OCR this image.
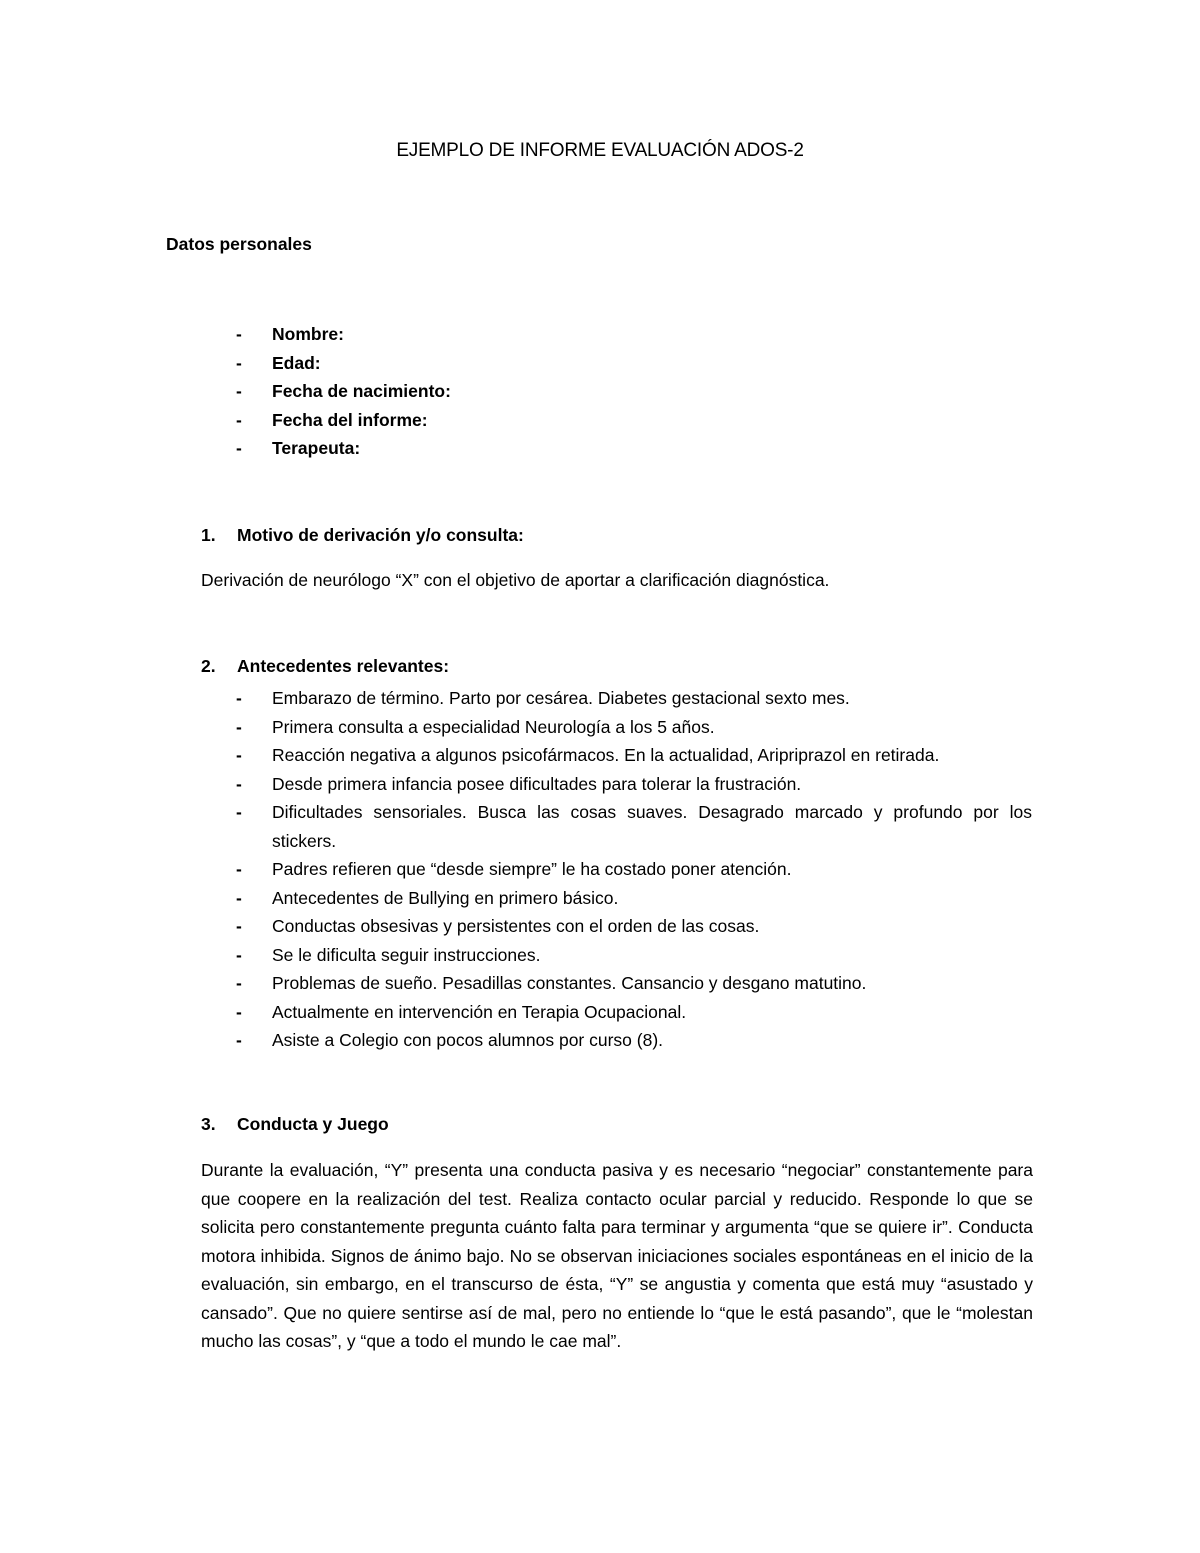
EJEMPLO DE INFORME EVALUACIÓN ADOS-2
Datos personales
- Nombre:
- Edad:
- Fecha de nacimiento:
- Fecha del informe:
- Terapeuta:
1. Motivo de derivación y/o consulta:
Derivación de neurólogo “X” con el objetivo de aportar a clarificación diagnóstica.
2. Antecedentes relevantes:
- Embarazo de término. Parto por cesárea. Diabetes gestacional sexto mes.
- Primera consulta a especialidad Neurología a los 5 años.
- Reacción negativa a algunos psicofármacos. En la actualidad, Aripriprazol en retirada.
- Desde primera infancia posee dificultades para tolerar la frustración.
- Dificultades sensoriales. Busca las cosas suaves. Desagrado marcado y profundo por los stickers.
- Padres refieren que “desde siempre” le ha costado poner atención.
- Antecedentes de Bullying en primero básico.
- Conductas obsesivas y persistentes con el orden de las cosas.
- Se le dificulta seguir instrucciones.
- Problemas de sueño. Pesadillas constantes. Cansancio y desgano matutino.
- Actualmente en intervención en Terapia Ocupacional.
- Asiste a Colegio con pocos alumnos por curso (8).
3. Conducta y Juego
Durante la evaluación, “Y” presenta una conducta pasiva y es necesario “negociar” constantemente para que coopere en la realización del test. Realiza contacto ocular parcial y reducido. Responde lo que se solicita pero constantemente pregunta cuánto falta para terminar y argumenta “que se quiere ir”. Conducta motora inhibida. Signos de ánimo bajo. No se observan iniciaciones sociales espontáneas en el inicio de la evaluación, sin embargo, en el transcurso de ésta, “Y” se angustia y comenta que está muy “asustado y cansado”. Que no quiere sentirse así de mal, pero no entiende lo “que le está pasando”, que le “molestan mucho las cosas”, y “que a todo el mundo le cae mal”.
